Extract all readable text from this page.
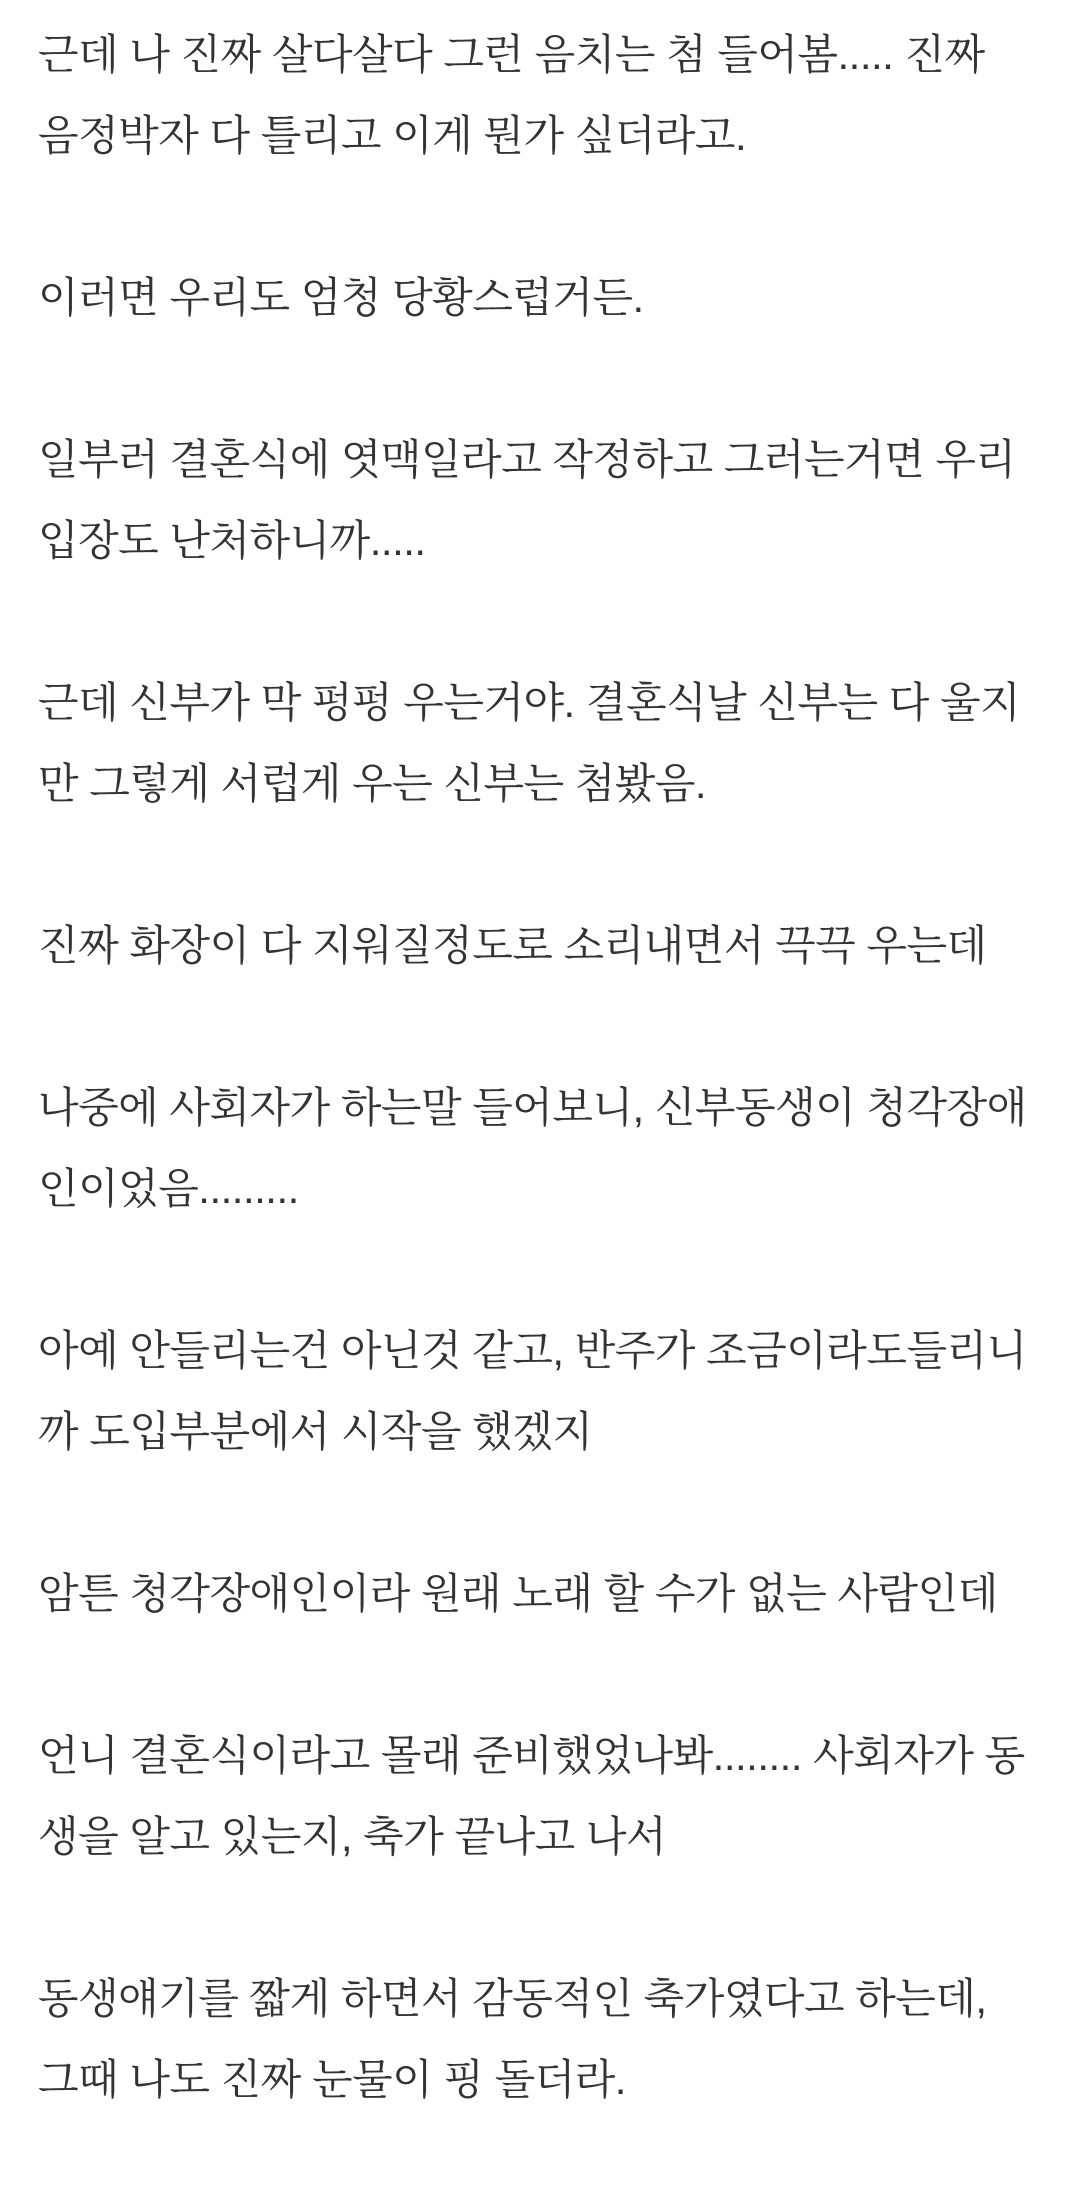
근데 나 진짜 살다살다 그런 음치는 첨 들어봄..... 진짜
음정박자 다 틀리고 이게 뭔가 싶더라고.
이러면 우리도 엄청 당황스럽거든.
일부러 결혼식에 엿맥일라고 작정하고 그러는거면 우리
입장도 난처하니까.....
근데 신부가 막 펑펑 우는거야. 결혼식날 신부는 다 울지
만 그렇게 서럽게 우는 신부는 첨봤음.
진짜 화장이 다 지워질정도로 소리내면서 끅끅 우는데
나중에 사회자가 하는말 들어보니, 신부동생이 청각장애
인이었음.........
아예 안들리는건 아닌것 같고, 반주가 조금이라도들리니
까 도입부분에서 시작을 했겠지
암튼 청각장애인이라 원래 노래 할 수가 없는 사람인데
언니 결혼식이라고 몰래 준비했었나봐........ 사회자가 동
생을 알고 있는지, 축가 끝나고 나서
동생얘기를 짧게 하면서 감동적인 축가였다고 하는데,
그때 나도 진짜 눈물이 핑 돌더라.
